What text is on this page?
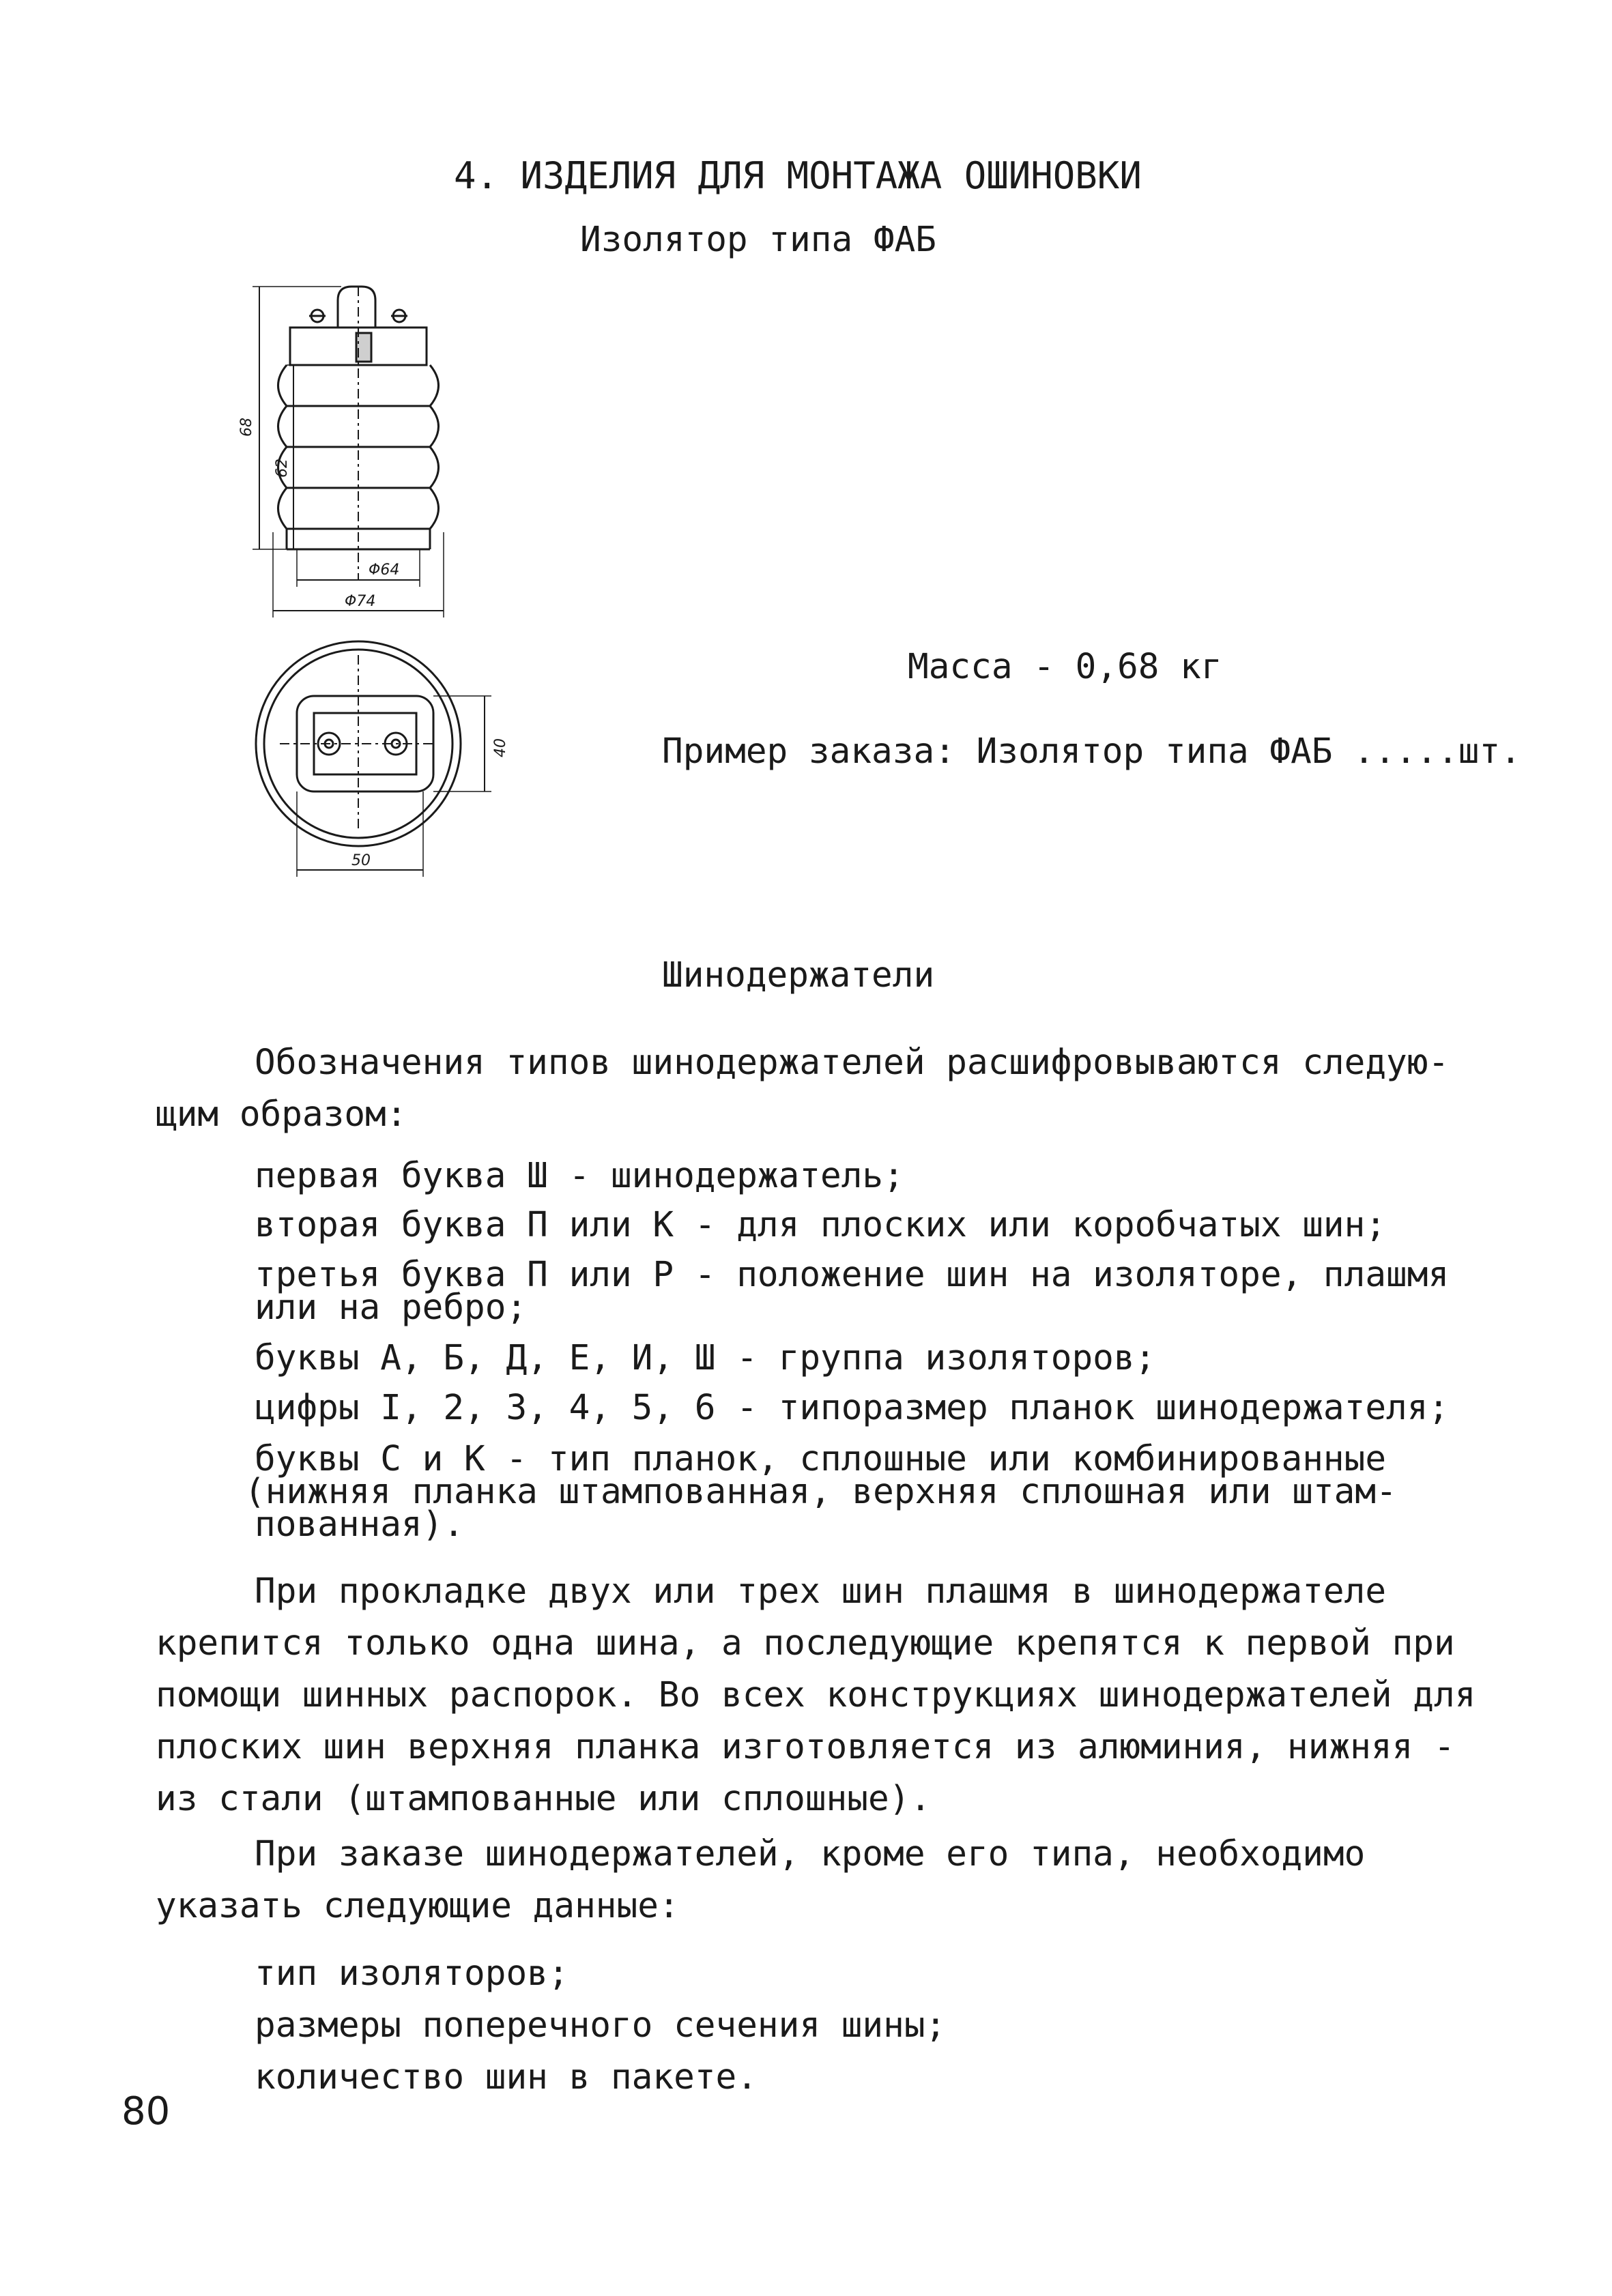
4. ИЗДЕЛИЯ ДЛЯ МОНТАЖА ОШИНОВКИ
Изолятор типа ФАБ
68
62
Φ64
Φ74
40
50
Масса - 0,68 кг
Пример заказа: Изолятор типа ФАБ .....шт.
Шинодержатели
Обозначения типов шинодержателей расшифровываются следую-
щим образом:
первая буква Ш - шинодержатель;
вторая буква П или К - для плоских или коробчатых шин;
третья буква П или Р - положение шин на изоляторе, плашмя
или на ребро;
буквы А, Б, Д, Е, И, Ш - группа изоляторов;
цифры I, 2, 3, 4, 5, 6 - типоразмер планок шинодержателя;
буквы С и К - тип планок, сплошные или комбинированные
(нижняя планка штампованная, верхняя сплошная или штам-
пованная).
При прокладке двух или трех шин плашмя в шинодержателе
крепится только одна шина, а последующие крепятся к первой при
помощи шинных распорок. Во всех конструкциях шинодержателей для
плоских шин верхняя планка изготовляется из алюминия, нижняя -
из стали (штампованные или сплошные).
При заказе шинодержателей, кроме его типа, необходимо
указать следующие данные:
тип изоляторов;
размеры поперечного сечения шины;
количество шин в пакете.
80
